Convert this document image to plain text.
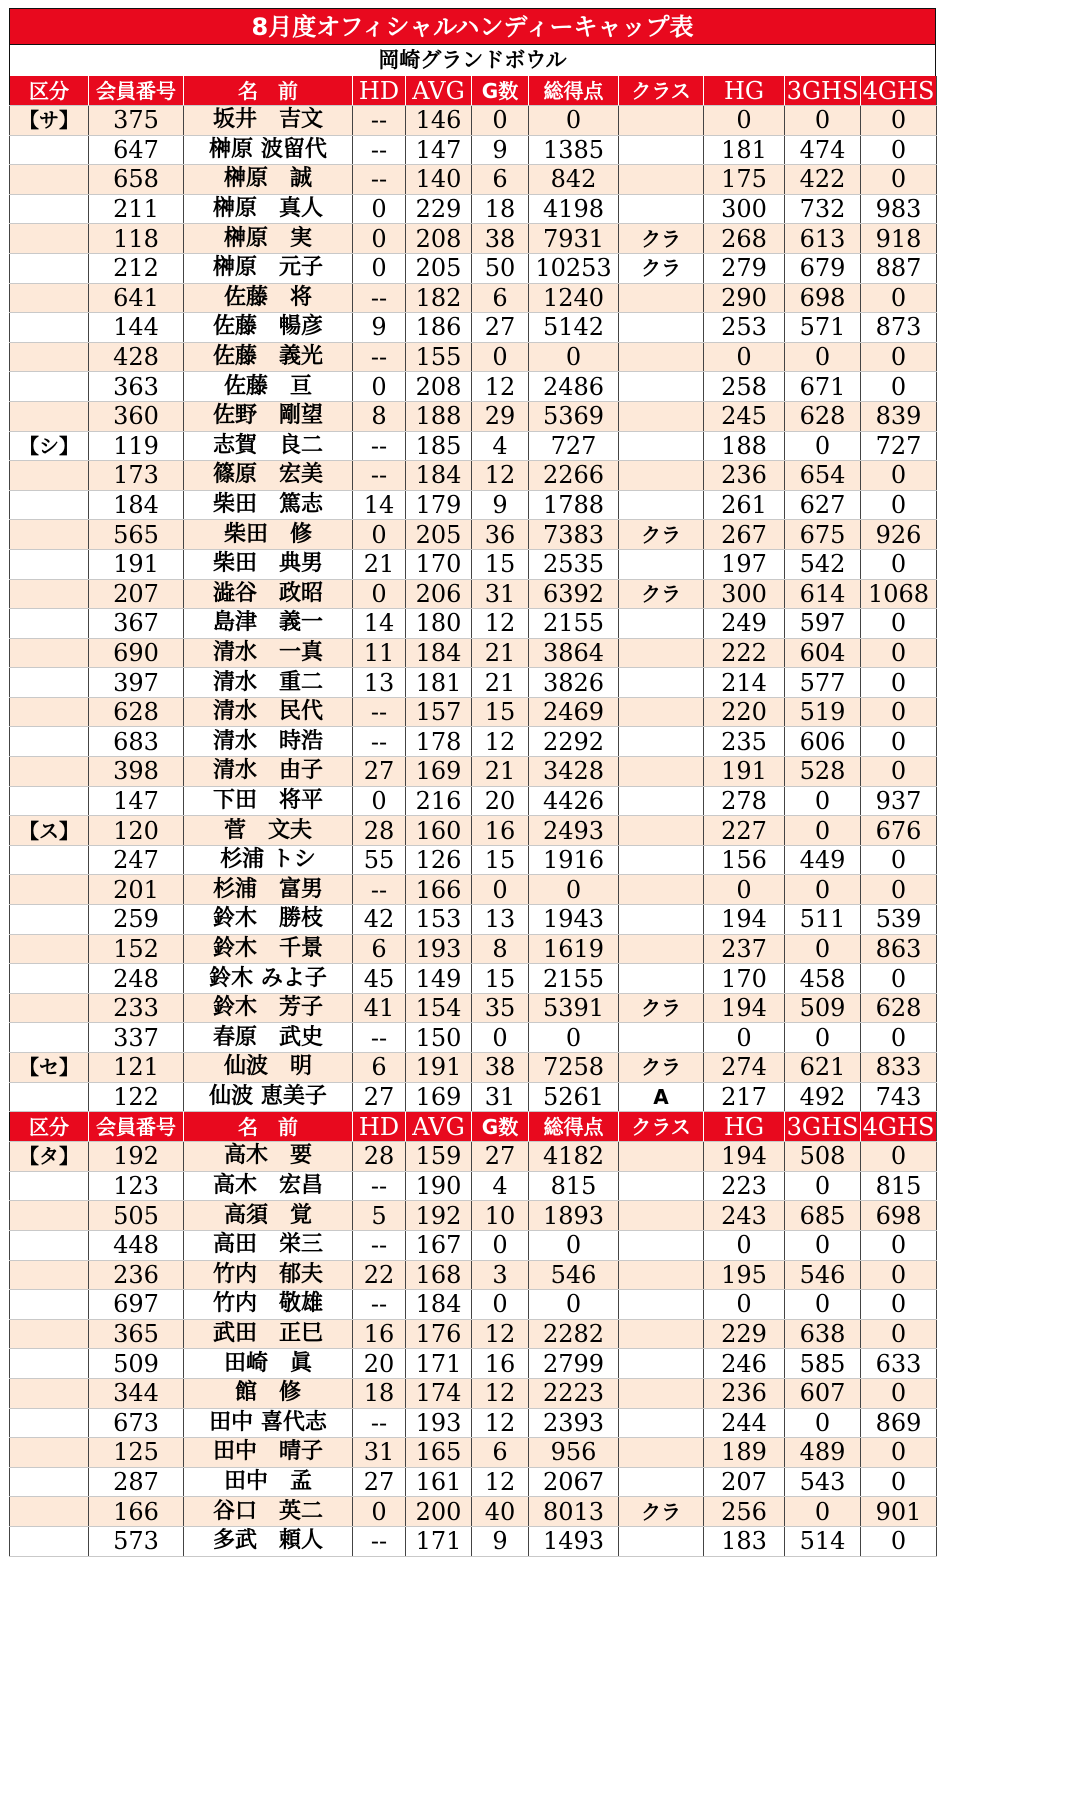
8月度オフィシャルハンディーキャップ表
岡崎グランドボウル
区分	会員番号	名　前	HD	AVG	G数	総得点	クラス	HG	3GHS	4GHS
【サ】	375	坂井　吉文	--	146	0	0		0	0	0
	647	榊原 波留代	--	147	9	1385		181	474	0
	658	榊原　誠	--	140	6	842		175	422	0
	211	榊原　真人	0	229	18	4198		300	732	983
	118	榊原　実	0	208	38	7931	クラ	268	613	918
	212	榊原　元子	0	205	50	10253	クラ	279	679	887
	641	佐藤　将	--	182	6	1240		290	698	0
	144	佐藤　暢彦	9	186	27	5142		253	571	873
	428	佐藤　義光	--	155	0	0		0	0	0
	363	佐藤　亘	0	208	12	2486		258	671	0
	360	佐野　剛望	8	188	29	5369		245	628	839
【シ】	119	志賀　良二	--	185	4	727		188	0	727
	173	篠原　宏美	--	184	12	2266		236	654	0
	184	柴田　篤志	14	179	9	1788		261	627	0
	565	柴田　修	0	205	36	7383	クラ	267	675	926
	191	柴田　典男	21	170	15	2535		197	542	0
	207	澁谷　政昭	0	206	31	6392	クラ	300	614	1068
	367	島津　義一	14	180	12	2155		249	597	0
	690	清水　一真	11	184	21	3864		222	604	0
	397	清水　重二	13	181	21	3826		214	577	0
	628	清水　民代	--	157	15	2469		220	519	0
	683	清水　時浩	--	178	12	2292		235	606	0
	398	清水　由子	27	169	21	3428		191	528	0
	147	下田　将平	0	216	20	4426		278	0	937
【ス】	120	菅　文夫	28	160	16	2493		227	0	676
	247	杉浦 トシ	55	126	15	1916		156	449	0
	201	杉浦　富男	--	166	0	0		0	0	0
	259	鈴木　勝枝	42	153	13	1943		194	511	539
	152	鈴木　千景	6	193	8	1619		237	0	863
	248	鈴木 みよ子	45	149	15	2155		170	458	0
	233	鈴木　芳子	41	154	35	5391	クラ	194	509	628
	337	春原　武史	--	150	0	0		0	0	0
【セ】	121	仙波　明	6	191	38	7258	クラ	274	621	833
	122	仙波 恵美子	27	169	31	5261	A	217	492	743
区分	会員番号	名　前	HD	AVG	G数	総得点	クラス	HG	3GHS	4GHS
【タ】	192	高木　要	28	159	27	4182		194	508	0
	123	高木　宏昌	--	190	4	815		223	0	815
	505	高須　覚	5	192	10	1893		243	685	698
	448	高田　栄三	--	167	0	0		0	0	0
	236	竹内　郁夫	22	168	3	546		195	546	0
	697	竹内　敬雄	--	184	0	0		0	0	0
	365	武田　正巳	16	176	12	2282		229	638	0
	509	田崎　眞	20	171	16	2799		246	585	633
	344	館　修	18	174	12	2223		236	607	0
	673	田中 喜代志	--	193	12	2393		244	0	869
	125	田中　晴子	31	165	6	956		189	489	0
	287	田中　孟	27	161	12	2067		207	543	0
	166	谷口　英二	0	200	40	8013	クラ	256	0	901
	573	多武　頼人	--	171	9	1493		183	514	0
